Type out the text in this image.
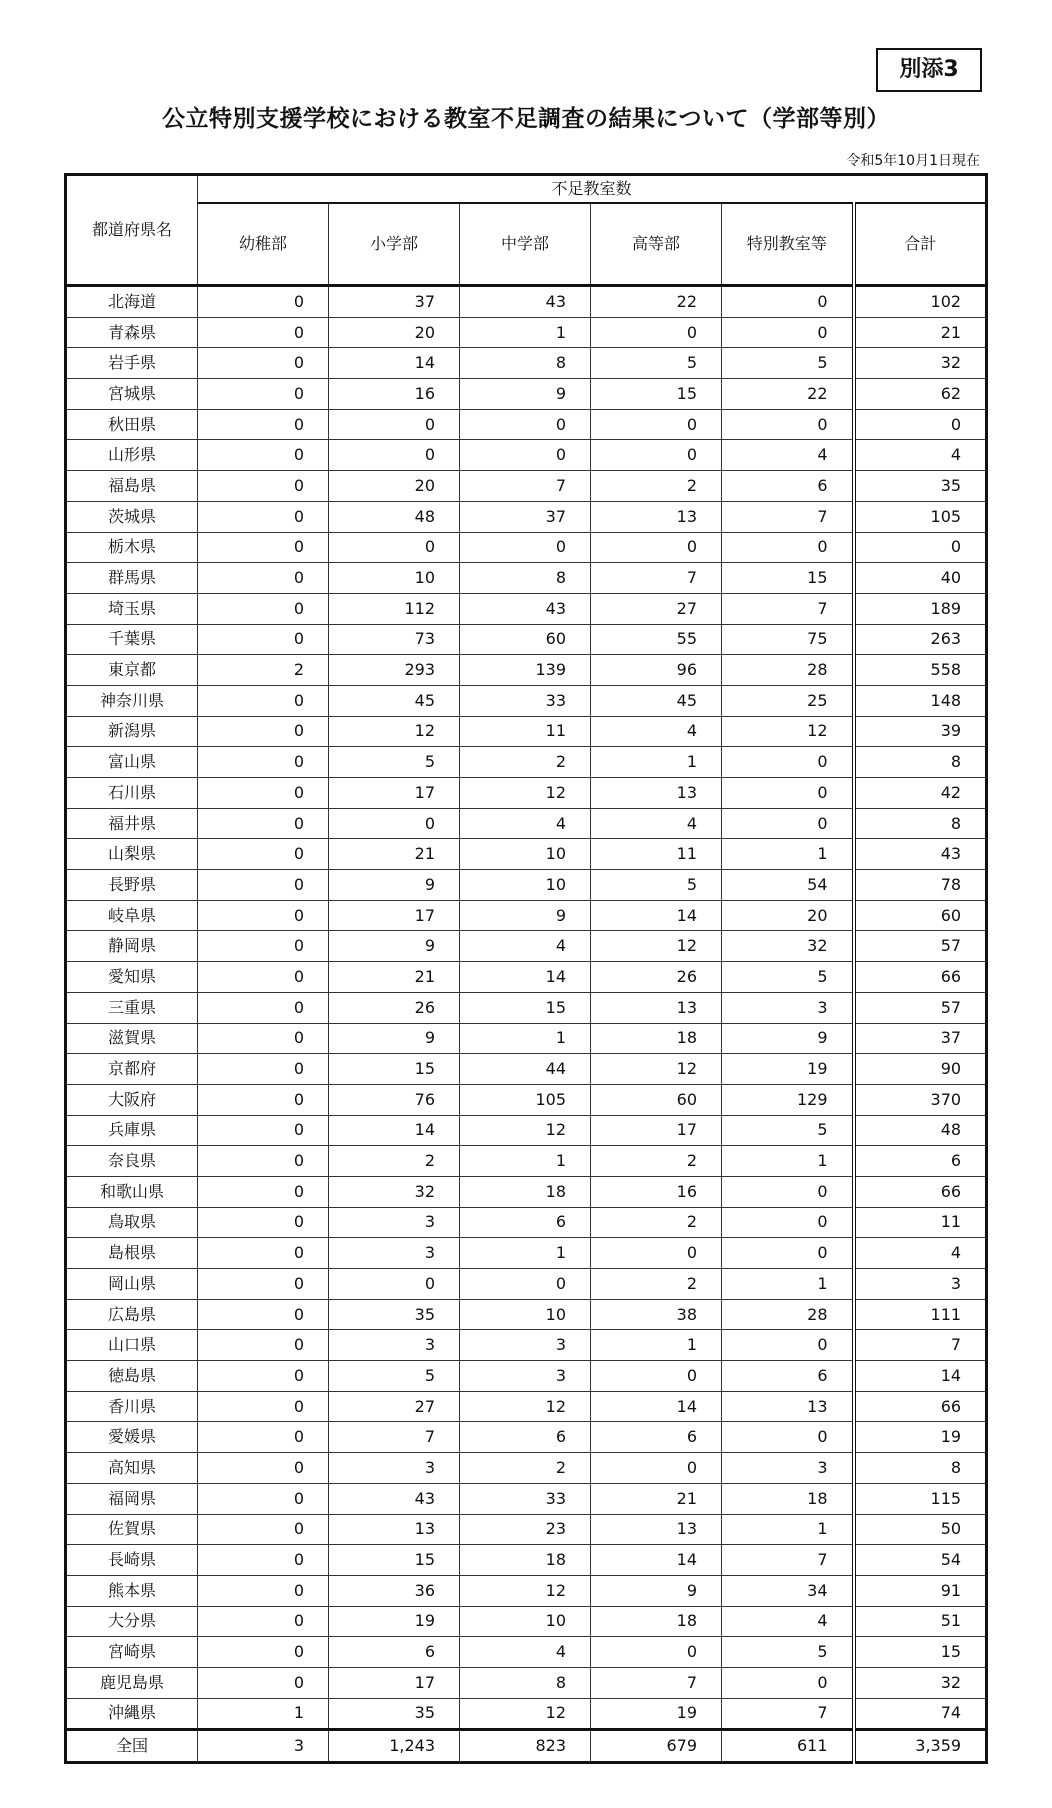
別添3
公立特別支援学校における教室不足調査の結果について（学部等別）
令和5年10月1日現在
都道府県名	不足教室数					
	幼稚部	小学部	中学部	高等部	特別教室等	合計
北海道	0	37	43	22	0	102
青森県	0	20	1	0	0	21
岩手県	0	14	8	5	5	32
宮城県	0	16	9	15	22	62
秋田県	0	0	0	0	0	0
山形県	0	0	0	0	4	4
福島県	0	20	7	2	6	35
茨城県	0	48	37	13	7	105
栃木県	0	0	0	0	0	0
群馬県	0	10	8	7	15	40
埼玉県	0	112	43	27	7	189
千葉県	0	73	60	55	75	263
東京都	2	293	139	96	28	558
神奈川県	0	45	33	45	25	148
新潟県	0	12	11	4	12	39
富山県	0	5	2	1	0	8
石川県	0	17	12	13	0	42
福井県	0	0	4	4	0	8
山梨県	0	21	10	11	1	43
長野県	0	9	10	5	54	78
岐阜県	0	17	9	14	20	60
静岡県	0	9	4	12	32	57
愛知県	0	21	14	26	5	66
三重県	0	26	15	13	3	57
滋賀県	0	9	1	18	9	37
京都府	0	15	44	12	19	90
大阪府	0	76	105	60	129	370
兵庫県	0	14	12	17	5	48
奈良県	0	2	1	2	1	6
和歌山県	0	32	18	16	0	66
鳥取県	0	3	6	2	0	11
島根県	0	3	1	0	0	4
岡山県	0	0	0	2	1	3
広島県	0	35	10	38	28	111
山口県	0	3	3	1	0	7
徳島県	0	5	3	0	6	14
香川県	0	27	12	14	13	66
愛媛県	0	7	6	6	0	19
高知県	0	3	2	0	3	8
福岡県	0	43	33	21	18	115
佐賀県	0	13	23	13	1	50
長崎県	0	15	18	14	7	54
熊本県	0	36	12	9	34	91
大分県	0	19	10	18	4	51
宮崎県	0	6	4	0	5	15
鹿児島県	0	17	8	7	0	32
沖縄県	1	35	12	19	7	74
全国	3	1,243	823	679	611	3,359
